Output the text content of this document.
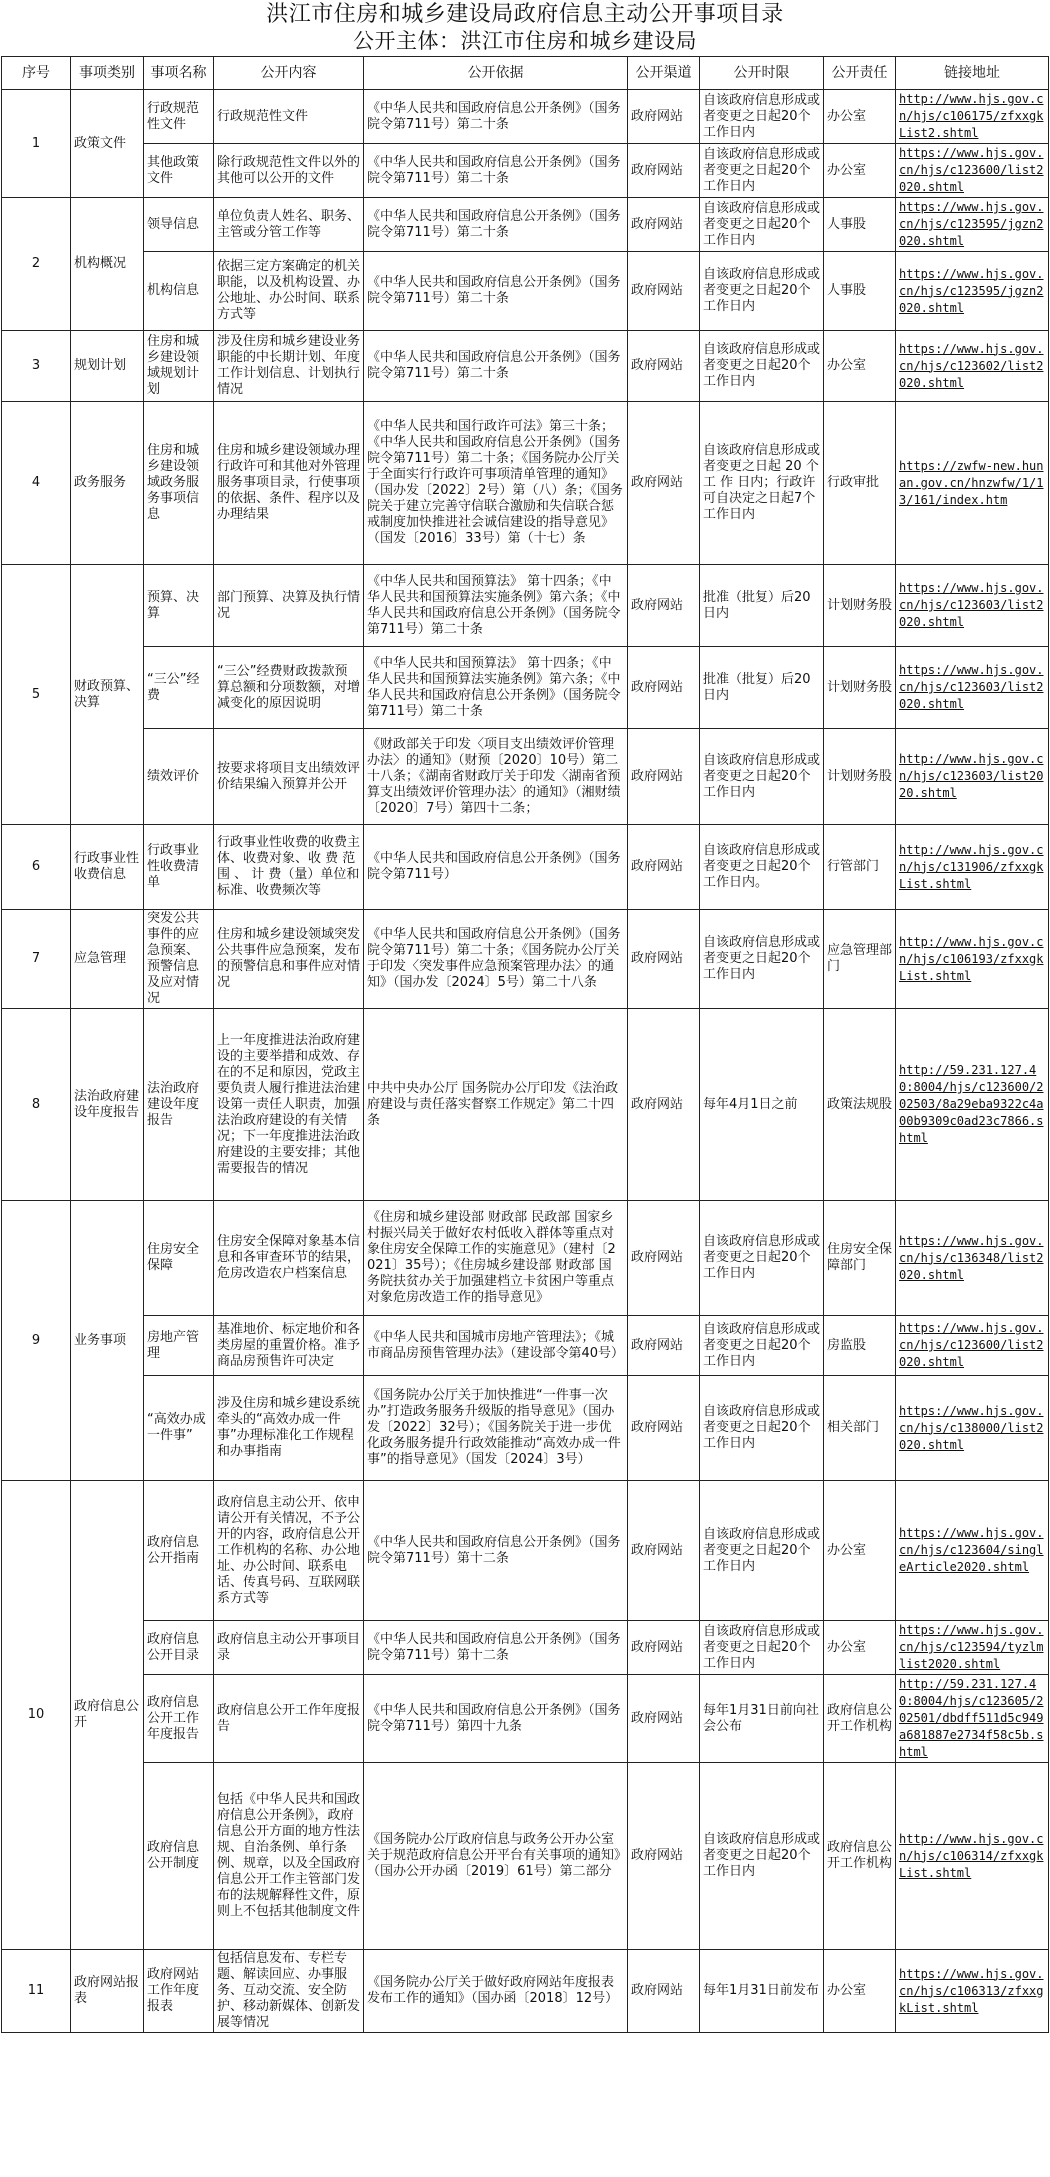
洪江市住房和城乡建设局政府信息主动公开事项目录
公开主体：洪江市住房和城乡建设局
序号	事项类别	事项名称	公开内容	公开依据	公开渠道	公开时限	公开责任	链接地址
1	政策文件	行政规范性文件	行政规范性文件	《中华人民共和国政府信息公开条例》（国务院令第711号）第二十条	政府网站	自该政府信息形成或者变更之日起20个工作日内	办公室	http://www.hjs.gov.cn/hjs/c106175/zfxxgkList2.shtml
		其他政策文件	除行政规范性文件以外的其他可以公开的文件	《中华人民共和国政府信息公开条例》（国务院令第711号）第二十条	政府网站	自该政府信息形成或者变更之日起20个工作日内	办公室	https://www.hjs.gov.cn/hjs/c123600/list2020.shtml
2	机构概况	领导信息	单位负责人姓名、职务、主管或分管工作等	《中华人民共和国政府信息公开条例》（国务院令第711号）第二十条	政府网站	自该政府信息形成或者变更之日起20个工作日内	人事股	https://www.hjs.gov.cn/hjs/c123595/jgzn2020.shtml
		机构信息	依据三定方案确定的机关职能，以及机构设置、办公地址、办公时间、联系方式等	《中华人民共和国政府信息公开条例》（国务院令第711号）第二十条	政府网站	自该政府信息形成或者变更之日起20个工作日内	人事股	https://www.hjs.gov.cn/hjs/c123595/jgzn2020.shtml
3	规划计划	住房和城乡建设领域规划计划	涉及住房和城乡建设业务职能的中长期计划、年度工作计划信息、计划执行情况	《中华人民共和国政府信息公开条例》（国务院令第711号）第二十条	政府网站	自该政府信息形成或者变更之日起20个工作日内	办公室	https://www.hjs.gov.cn/hjs/c123602/list2020.shtml
4	政务服务	住房和城乡建设领域政务服务事项信息	住房和城乡建设领域办理行政许可和其他对外管理服务事项目录，行使事项的依据、条件、程序以及办理结果	《中华人民共和国行政许可法》第三十条；《中华人民共和国政府信息公开条例》（国务院令第711号）第二十条；《国务院办公厅关于全面实行行政许可事项清单管理的通知》（国办发〔2022〕2号）第（八）条；《国务院关于建立完善守信联合激励和失信联合惩戒制度加快推进社会诚信建设的指导意见》（国发〔2016〕33号）第（十七）条	政府网站	自该政府信息形成或者变更之日起 20 个 工 作 日内；行政许可自决定之日起7个工作日内	行政审批	https://zwfw-new.hunan.gov.cn/hnzwfw/1/13/161/index.htm
5	财政预算、决算	预算、决算	部门预算、决算及执行情况	《中华人民共和国预算法》 第十四条；《中华人民共和国预算法实施条例》第六条；《中华人民共和国政府信息公开条例》（国务院令第711号）第二十条	政府网站	批准（批复）后20日内	计划财务股	https://www.hjs.gov.cn/hjs/c123603/list2020.shtml
		“三公”经费	“三公”经费财政拨款预算总额和分项数额，对增减变化的原因说明	《中华人民共和国预算法》 第十四条；《中华人民共和国预算法实施条例》第六条；《中华人民共和国政府信息公开条例》（国务院令第711号）第二十条	政府网站	批准（批复）后20日内	计划财务股	https://www.hjs.gov.cn/hjs/c123603/list2020.shtml
		绩效评价	按要求将项目支出绩效评价结果编入预算并公开	《财政部关于印发〈项目支出绩效评价管理办法〉的通知》（财预〔2020〕10号）第二十八条；《湖南省财政厅关于印发〈湖南省预算支出绩效评价管理办法〉的通知》（湘财绩〔2020〕7号）第四十二条；	政府网站	自该政府信息形成或者变更之日起20个工作日内	计划财务股	http://www.hjs.gov.cn/hjs/c123603/list2020.shtml
6	行政事业性收费信息	行政事业性收费清单	行政事业性收费的收费主体、收费对象、收 费 范 围 、 计 费（量）单位和标准、收费频次等	《中华人民共和国政府信息公开条例》（国务院令第711号）	政府网站	自该政府信息形成或者变更之日起20个工作日内。	行管部门	http://www.hjs.gov.cn/hjs/c131906/zfxxgkList.shtml
7	应急管理	突发公共事件的应急预案、预警信息及应对情况	住房和城乡建设领域突发公共事件应急预案，发布的预警信息和事件应对情况	《中华人民共和国政府信息公开条例》（国务院令第711号）第二十条；《国务院办公厅关于印发〈突发事件应急预案管理办法〉的通知》（国办发〔2024〕5号）第二十八条	政府网站	自该政府信息形成或者变更之日起20个工作日内	应急管理部门	http://www.hjs.gov.cn/hjs/c106193/zfxxgkList.shtml
8	法治政府建设年度报告	法治政府建设年度报告	上一年度推进法治政府建设的主要举措和成效、存在的不足和原因，党政主要负责人履行推进法治建设第一责任人职责，加强法治政府建设的有关情况；下一年度推进法治政府建设的主要安排；其他需要报告的情况	中共中央办公厅 国务院办公厅印发《法治政府建设与责任落实督察工作规定》第二十四条	政府网站	每年4月1日之前	政策法规股	http://59.231.127.40:8004/hjs/c123600/202503/8a29eba9322c4a00b9309c0ad23c7866.shtml
9	业务事项	住房安全保障	住房安全保障对象基本信息和各审查环节的结果，危房改造农户档案信息	《住房和城乡建设部 财政部 民政部 国家乡村振兴局关于做好农村低收入群体等重点对象住房安全保障工作的实施意见》（建村〔2021〕35号）；《住房城乡建设部 财政部 国务院扶贫办关于加强建档立卡贫困户等重点对象危房改造工作的指导意见》	政府网站	自该政府信息形成或者变更之日起20个工作日内	住房安全保障部门	https://www.hjs.gov.cn/hjs/c136348/list2020.shtml
		房地产管理	基准地价、标定地价和各类房屋的重置价格。准予商品房预售许可决定	《中华人民共和国城市房地产管理法》；《城市商品房预售管理办法》（建设部令第40号）	政府网站	自该政府信息形成或者变更之日起20个工作日内	房监股	https://www.hjs.gov.cn/hjs/c123600/list2020.shtml
		“高效办成一件事”	涉及住房和城乡建设系统牵头的“高效办成一件事”办理标准化工作规程和办事指南	《国务院办公厅关于加快推进“一件事一次办”打造政务服务升级版的指导意见》（国办发〔2022〕32号）；《国务院关于进一步优化政务服务提升行政效能推动“高效办成一件事”的指导意见》（国发〔2024〕3号）	政府网站	自该政府信息形成或者变更之日起20个工作日内	相关部门	https://www.hjs.gov.cn/hjs/c138000/list2020.shtml
10	政府信息公开	政府信息公开指南	政府信息主动公开、依申请公开有关情况，不予公开的内容，政府信息公开工作机构的名称、办公地址、办公时间、联系电话、传真号码、互联网联系方式等	《中华人民共和国政府信息公开条例》（国务院令第711号）第十二条	政府网站	自该政府信息形成或者变更之日起20个工作日内	办公室	https://www.hjs.gov.cn/hjs/c123604/singleArticle2020.shtml
		政府信息公开目录	政府信息主动公开事项目录	《中华人民共和国政府信息公开条例》（国务院令第711号）第十二条	政府网站	自该政府信息形成或者变更之日起20个工作日内	办公室	https://www.hjs.gov.cn/hjs/c123594/tyzlmlist2020.shtml
		政府信息公开工作年度报告	政府信息公开工作年度报告	《中华人民共和国政府信息公开条例》（国务院令第711号）第四十九条	政府网站	每年1月31日前向社会公布	政府信息公开工作机构	http://59.231.127.40:8004/hjs/c123605/202501/dbdff511d5c949a681887e2734f58c5b.shtml
		政府信息公开制度	包括《中华人民共和国政府信息公开条例》，政府信息公开方面的地方性法规、自治条例、单行条例、规章，以及全国政府信息公开工作主管部门发布的法规解释性文件，原则上不包括其他制度文件	《国务院办公厅政府信息与政务公开办公室关于规范政府信息公开平台有关事项的通知》（国办公开办函〔2019〕61号）第二部分	政府网站	自该政府信息形成或者变更之日起20个工作日内	政府信息公开工作机构	http://www.hjs.gov.cn/hjs/c106314/zfxxgkList.shtml
11	政府网站报表	政府网站工作年度报表	包括信息发布、专栏专题、解读回应、办事服务、互动交流、安全防护、移动新媒体、创新发展等情况	《国务院办公厅关于做好政府网站年度报表发布工作的通知》（国办函〔2018〕12号）	政府网站	每年1月31日前发布	办公室	https://www.hjs.gov.cn/hjs/c106313/zfxxgkList.shtml
